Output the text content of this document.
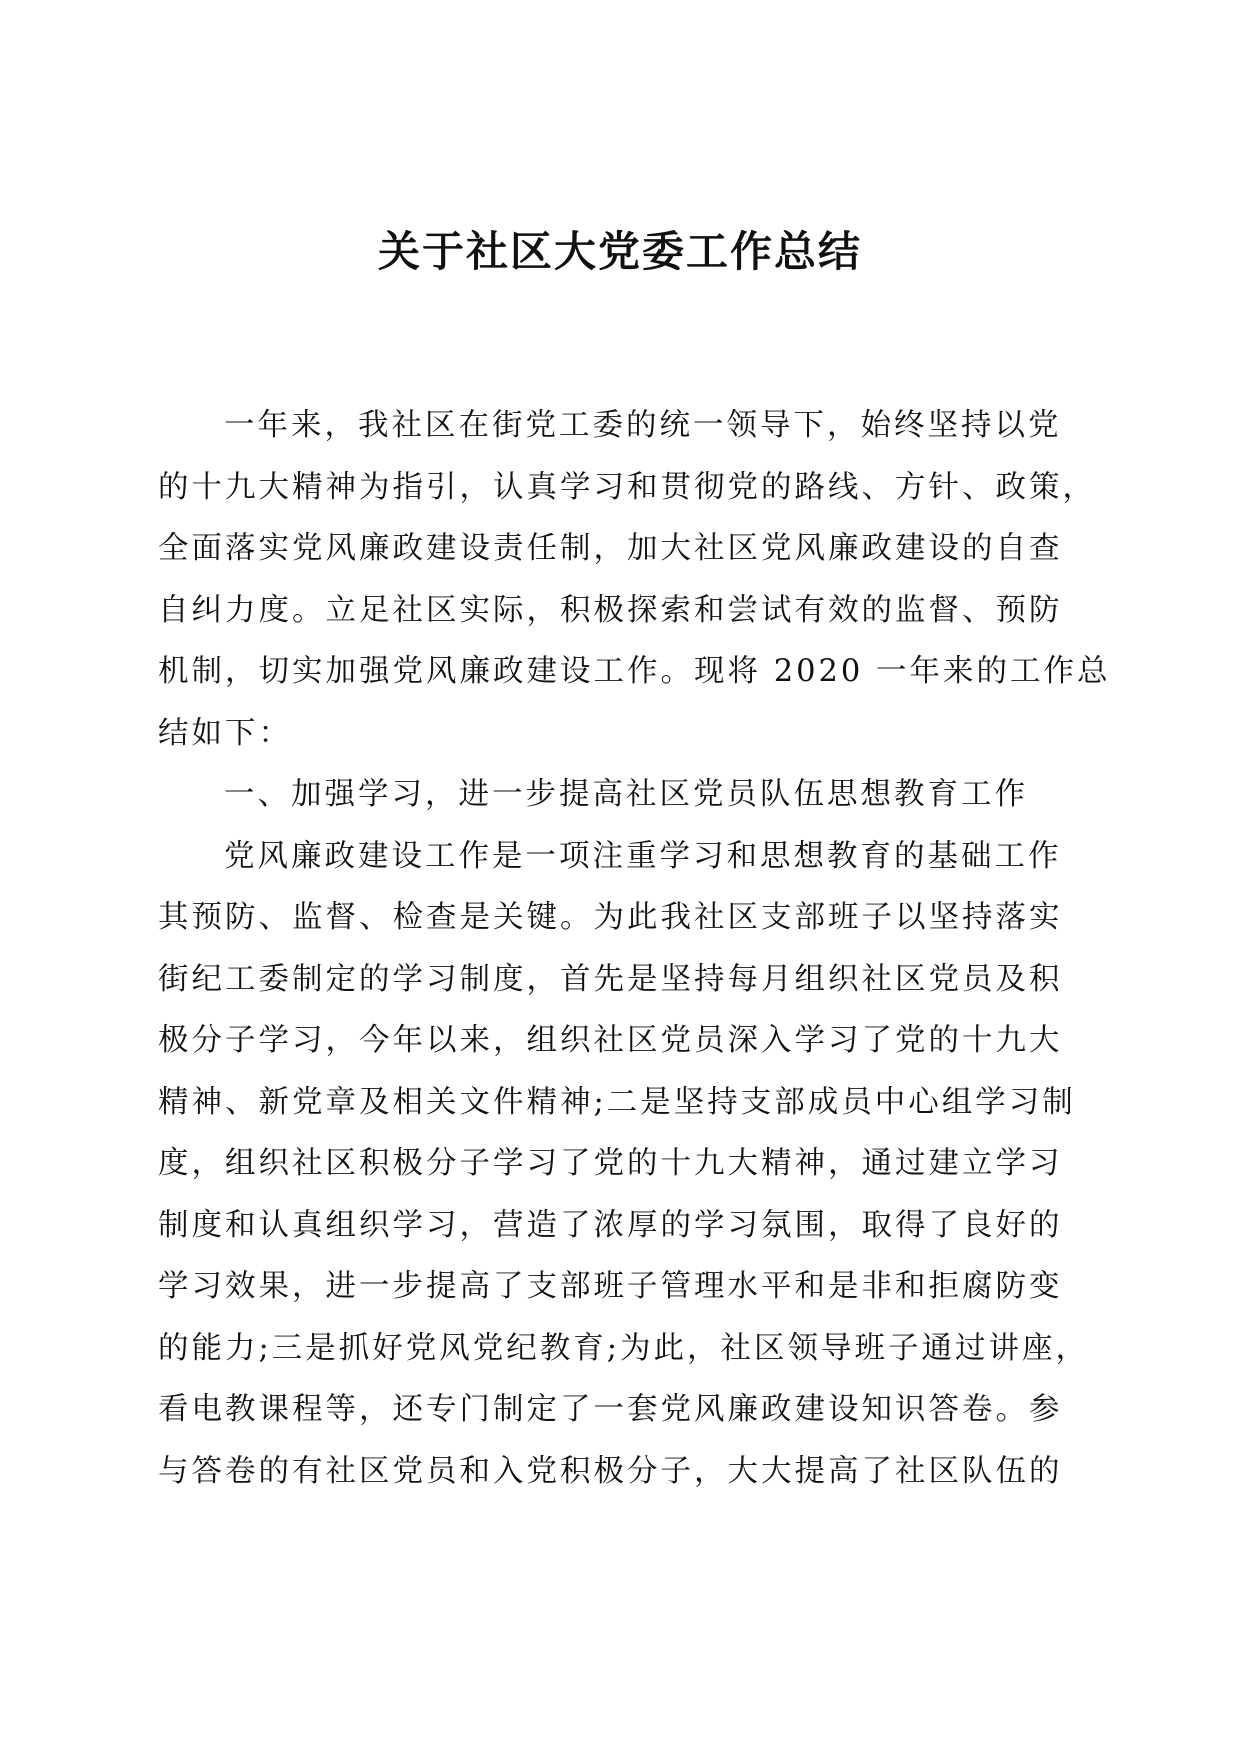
关于社区大党委工作总结
一年来，我社区在街党工委的统一领导下，始终坚持以党
的十九大精神为指引，认真学习和贯彻党的路线、方针、政策，
全面落实党风廉政建设责任制，加大社区党风廉政建设的自查
自纠力度。立足社区实际，积极探索和尝试有效的监督、预防
机制，切实加强党风廉政建设工作。现将 2020 一年来的工作总
结如下：
一、加强学习，进一步提高社区党员队伍思想教育工作
党风廉政建设工作是一项注重学习和思想教育的基础工作
其预防、监督、检查是关键。为此我社区支部班子以坚持落实
街纪工委制定的学习制度，首先是坚持每月组织社区党员及积
极分子学习，今年以来，组织社区党员深入学习了党的十九大
精神、新党章及相关文件精神;二是坚持支部成员中心组学习制
度，组织社区积极分子学习了党的十九大精神，通过建立学习
制度和认真组织学习，营造了浓厚的学习氛围，取得了良好的
学习效果，进一步提高了支部班子管理水平和是非和拒腐防变
的能力;三是抓好党风党纪教育;为此，社区领导班子通过讲座，
看电教课程等，还专门制定了一套党风廉政建设知识答卷。参
与答卷的有社区党员和入党积极分子，大大提高了社区队伍的
